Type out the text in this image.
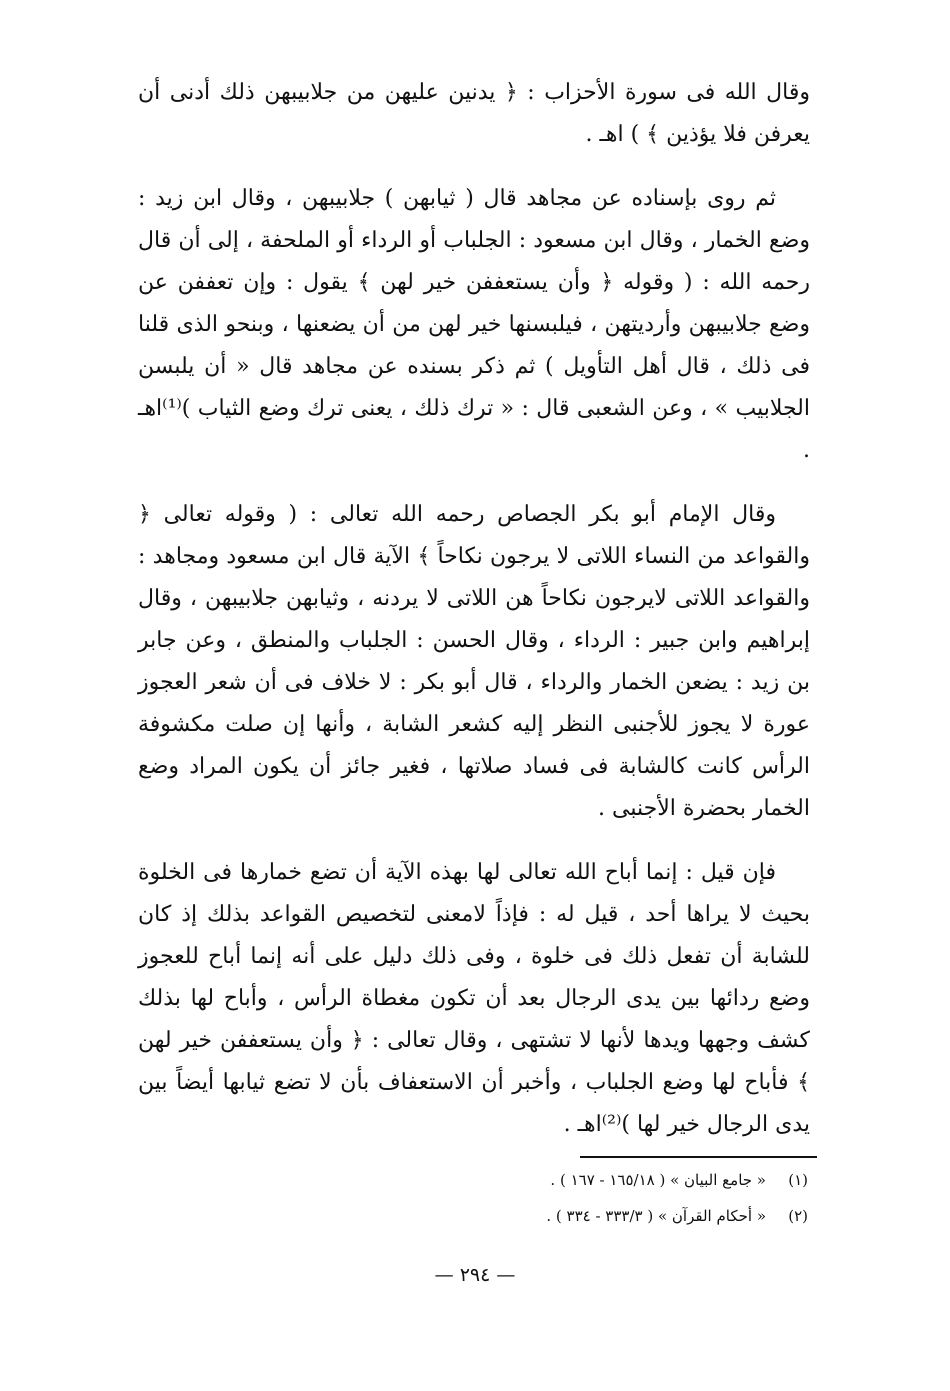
وقال الله فى سورة الأحزاب : ﴿ يدنين عليهن من جلابيبهن ذلك أدنى أن يعرفن فلا يؤذين ﴾ ) اهـ .

ثم روى بإسناده عن مجاهد قال ( ثيابهن ) جلابيبهن ، وقال ابن زيد : وضع الخمار ، وقال ابن مسعود : الجلباب أو الرداء أو الملحفة ، إلى أن قال رحمه الله : ( وقوله ﴿ وأن يستعففن خير لهن ﴾ يقول : وإن تعففن عن وضع جلابيبهن وأرديتهن ، فيلبسنها خير لهن من أن يضعنها ، وبنحو الذى قلنا فى ذلك ، قال أهل التأويل ) ثم ذكر بسنده عن مجاهد قال « أن يلبسن الجلابيب » ، وعن الشعبى قال : « ترك ذلك ، يعنى ترك وضع الثياب )⁽¹⁾اهـ .

وقال الإمام أبو بكر الجصاص رحمه الله تعالى : ( وقوله تعالى ﴿ والقواعد من النساء اللاتى لا يرجون نكاحاً ﴾ الآية قال ابن مسعود ومجاهد : والقواعد اللاتى لايرجون نكاحاً هن اللاتى لا يردنه ، وثيابهن جلابيبهن ، وقال إبراهيم وابن جبير : الرداء ، وقال الحسن : الجلباب والمنطق ، وعن جابر بن زيد : يضعن الخمار والرداء ، قال أبو بكر : لا خلاف فى أن شعر العجوز عورة لا يجوز للأجنبى النظر إليه كشعر الشابة ، وأنها إن صلت مكشوفة الرأس كانت كالشابة فى فساد صلاتها ، فغير جائز أن يكون المراد وضع الخمار بحضرة الأجنبى .

فإن قيل : إنما أباح الله تعالى لها بهذه الآية أن تضع خمارها فى الخلوة بحيث لا يراها أحد ، قيل له : فإذاً لامعنى لتخصيص القواعد بذلك إذ كان للشابة أن تفعل ذلك فى خلوة ، وفى ذلك دليل على أنه إنما أباح للعجوز وضع ردائها بين يدى الرجال بعد أن تكون مغطاة الرأس ، وأباح لها بذلك كشف وجهها ويدها لأنها لا تشتهى ، وقال تعالى : ﴿ وأن يستعففن خير لهن ﴾ فأباح لها وضع الجلباب ، وأخبر أن الاستعفاف بأن لا تضع ثيابها أيضاً بين يدى الرجال خير لها )⁽²⁾اهـ .

(١)« جامع البيان » ( ١٦٥/١٨ - ١٦٧ ) .
(٢)« أحكام القرآن » ( ٣٣٣/٣ - ٣٣٤ ) .
— ٢٩٤ —
